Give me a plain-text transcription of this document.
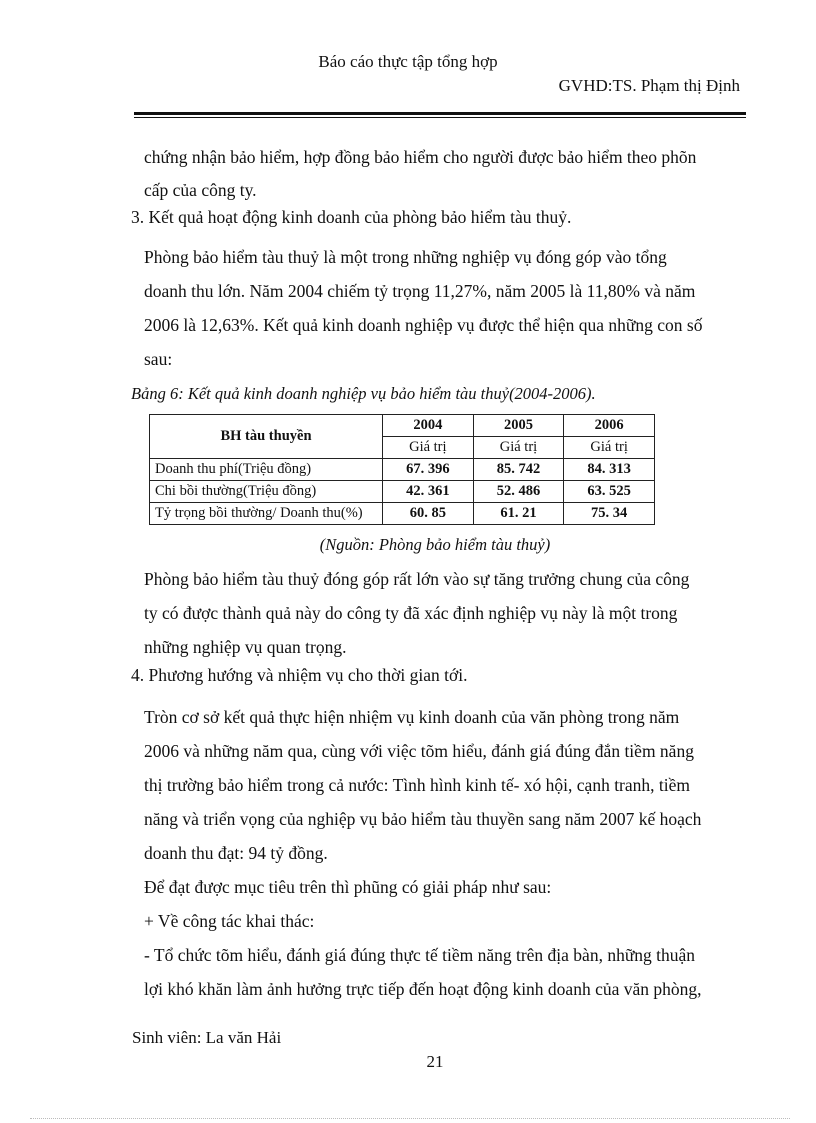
Báo cáo thực tập tổng hợp
GVHD:TS. Phạm thị Định

chứng nhận bảo hiểm, hợp đồng bảo hiểm cho người được bảo hiểm theo phõn

cấp của công ty.

3. Kết quả hoạt động kinh doanh của phòng bảo hiểm tàu thuỷ.

Phòng bảo hiểm tàu thuỷ là một trong những nghiệp vụ đóng góp vào tổng

doanh thu lớn. Năm 2004 chiếm tỷ trọng 11,27%, năm 2005 là 11,80% và năm

2006 là 12,63%. Kết quả kinh doanh nghiệp vụ được thể hiện qua những con số

sau:

Bảng 6: Kết quả kinh doanh nghiệp vụ bảo hiểm tàu thuỷ(2004-2006).
BH tàu thuyền	2004	2005	2006
	Giá trị	Giá trị	Giá trị
Doanh thu phí(Triệu đồng)	67. 396	85. 742	84. 313
Chi bồi thường(Triệu đồng)	42. 361	52. 486	63. 525
Tỷ trọng bồi thường/ Doanh thu(%)	60. 85	61. 21	75. 34
(Nguồn: Phòng bảo hiểm tàu thuỷ)

Phòng bảo hiểm tàu thuỷ đóng góp rất lớn vào sự tăng trưởng chung của công

ty có được thành quả này do công ty đã xác định nghiệp vụ này là một trong

những nghiệp vụ quan trọng.

4. Phương hướng và nhiệm vụ cho thời gian tới.

Tròn cơ sở kết quả thực hiện nhiệm vụ kinh doanh của văn phòng trong năm

2006 và những năm qua, cùng với việc tõm hiểu, đánh giá đúng đắn tiềm năng

thị trường bảo hiểm trong cả nước: Tình hình kinh tế- xó hội, cạnh tranh, tiềm

năng và triển vọng của nghiệp vụ bảo hiểm tàu thuyền sang năm 2007 kế hoạch

doanh thu đạt: 94 tỷ đồng.

Để đạt được mục tiêu trên thì phũng có giải pháp như sau:

+ Về công tác khai thác:

- Tổ chức tõm hiểu, đánh giá đúng thực tế tiềm năng trên địa bàn, những thuận

lợi khó khăn làm ảnh hưởng trực tiếp đến hoạt động kinh doanh của văn phòng,

Sinh viên: La văn Hải
21
